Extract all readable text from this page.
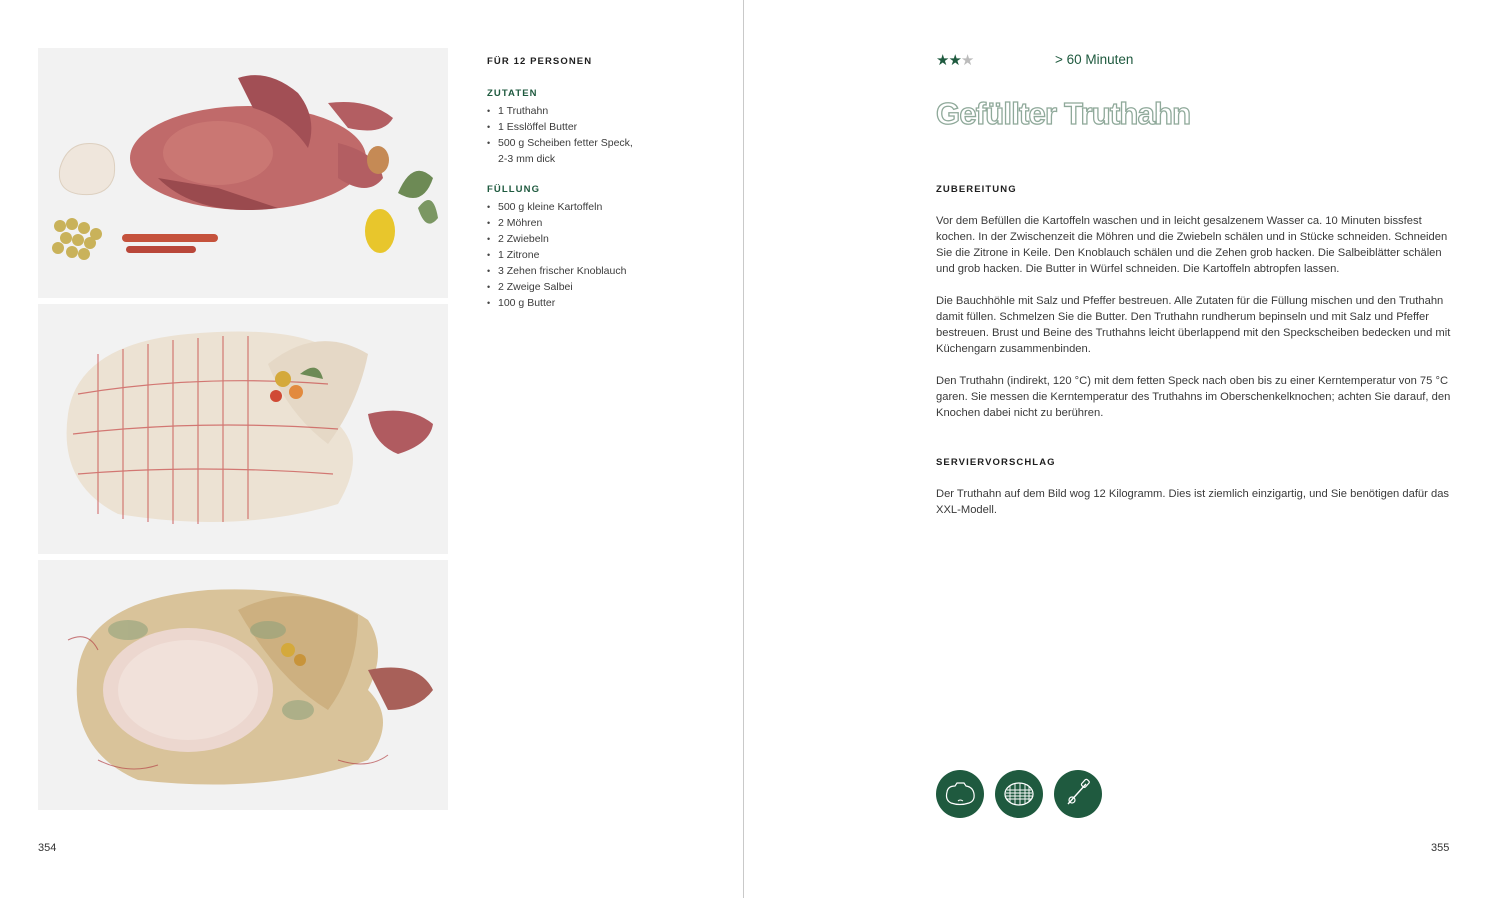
FÜR 12 PERSONEN

ZUTATEN

• 1 Truthahn
• 1 Esslöffel Butter
• 500 g Scheiben fetter Speck,
2-3 mm dick

FÜLLUNG

• 500 g kleine Kartoffeln
• 2 Möhren
• 2 Zwiebeln
• 1 Zitrone
• 3 Zehen frischer Knoblauch
• 2 Zweige Salbei
• 100 g Butter
354
★★★	> 60 Minuten
Gefüllter Truthahn
ZUBEREITUNG

Vor dem Befüllen die Kartoffeln waschen und in leicht gesalzenem Wasser ca. 10 Minuten bissfest kochen. In der Zwischenzeit die Möhren und die Zwiebeln schälen und in Stücke schneiden. Schneiden Sie die Zitrone in Keile. Den Knoblauch schälen und die Zehen grob hacken. Die Salbeiblätter schälen und grob hacken. Die Butter in Würfel schneiden. Die Kartoffeln abtropfen lassen.

Die Bauchhöhle mit Salz und Pfeffer bestreuen. Alle Zutaten für die Füllung mischen und den Truthahn damit füllen. Schmelzen Sie die Butter. Den Truthahn rundherum bepinseln und mit Salz und Pfeffer bestreuen. Brust und Beine des Truthahns leicht überlappend mit den Speckscheiben bedecken und mit Küchengarn zusammenbinden.

Den Truthahn (indirekt, 120 °C) mit dem fetten Speck nach oben bis zu einer Kerntemperatur von 75 °C garen. Sie messen die Kerntemperatur des Truthahns im Oberschenkelknochen; achten Sie darauf, den Knochen dabei nicht zu berühren.

SERVIERVORSCHLAG

Der Truthahn auf dem Bild wog 12 Kilogramm. Dies ist ziemlich einzigartig, und Sie benötigen dafür das XXL-Modell.

355
